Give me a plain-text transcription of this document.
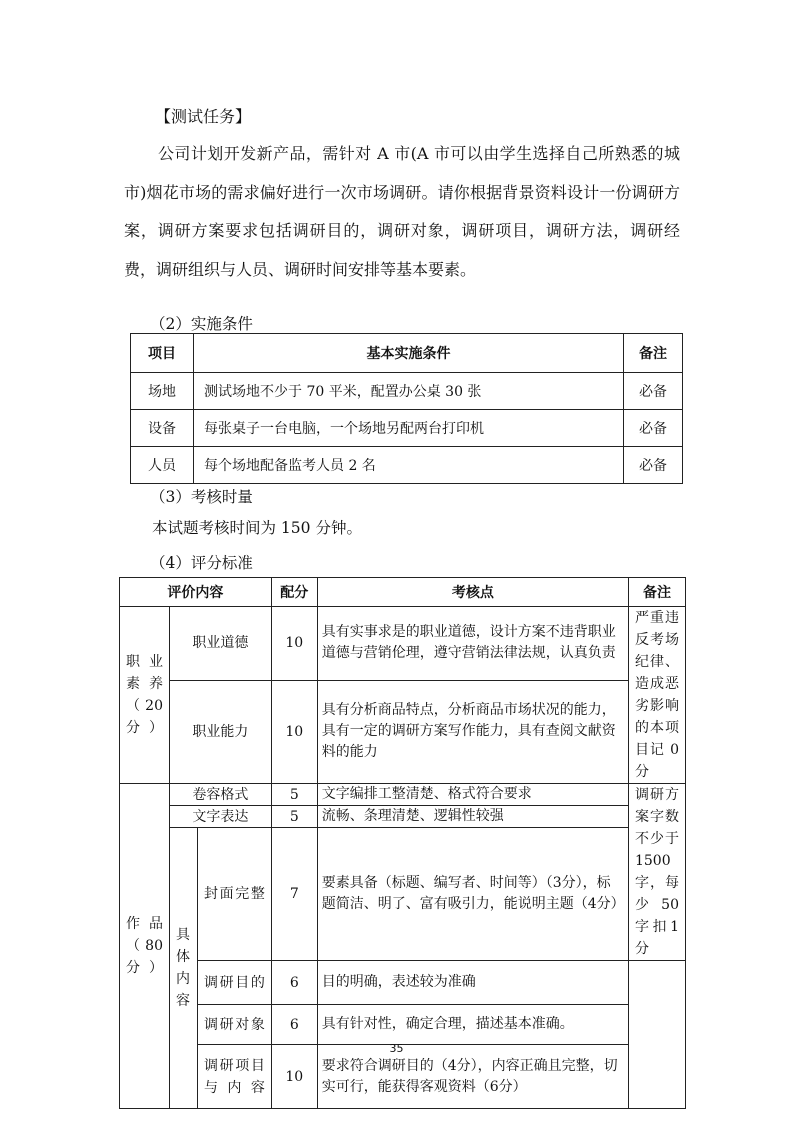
【测试任务】

公司计划开发新产品，需针对 A 市(A 市可以由学生选择自己所熟悉的城市)烟花市场的需求偏好进行一次市场调研。请你根据背景资料设计一份调研方案，调研方案要求包括调研目的，调研对象，调研项目，调研方法，调研经费，调研组织与人员、调研时间安排等基本要素。

（2）实施条件
项目	基本实施条件	备注
场地	测试场地不少于 70 平米，配置办公桌 30 张	必备
设备	每张桌子一台电脑，一个场地另配两台打印机	必备
人员	每个场地配备监考人员 2 名	必备
（3）考核时量
本试题考核时间为 150 分钟。
（4）评分标准
评价内容			配分	考核点	备注

职业素养（20分）	职业道德		10	具有实事求是的职业道德，设计方案不违背职业道德与营销伦理，遵守营销法律法规，认真负责	严重违反考场纪律、造成恶劣影响的本项目记 0 分

	职业能力		10	具有分析商品特点，分析商品市场状况的能力，具有一定的调研方案写作能力，具有查阅文献资料的能力	

作品（80分）	卷容格式		5	文字编排工整清楚、格式符合要求	调研方案字数不少于1500字，每少 50字扣1分

	文字表达		5	流畅、条理清楚、逻辑性较强	

	具体内容	封面完整	7	要素具备（标题、编写者、时间等）（3分），标题简洁、明了、富有吸引力，能说明主题（4分）	

		调研目的	6	目的明确，表述较为准确	

		调研对象	6	具有针对性，确定合理，描述基本准确。	

		调研项目与内容	10	要求符合调研目的（4分），内容正确且完整，切实可行，能获得客观资料（6分）	
35
